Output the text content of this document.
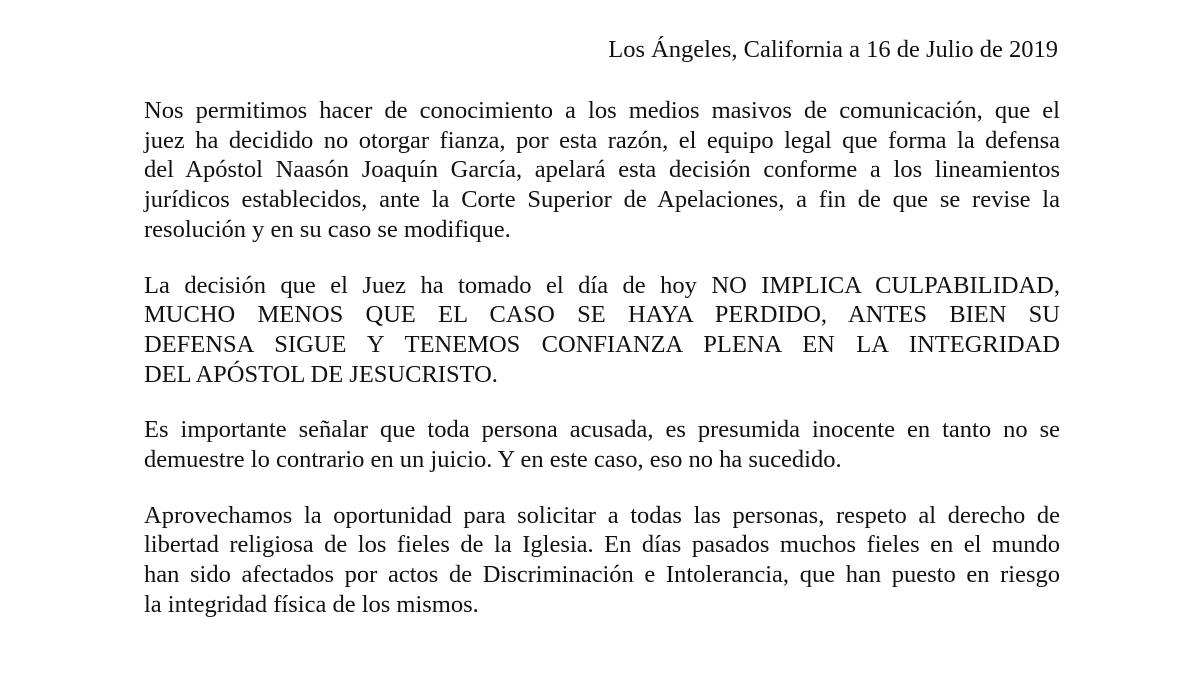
Los Ángeles, California a 16 de Julio de 2019

Nos permitimos hacer de conocimiento a los medios masivos de comunicación, que el
juez ha decidido no otorgar fianza, por esta razón, el equipo legal que forma la defensa
del Apóstol Naasón Joaquín García, apelará esta decisión conforme a los lineamientos
jurídicos establecidos, ante la Corte Superior de Apelaciones, a fin de que se revise la
resolución y en su caso se modifique.

La decisión que el Juez ha tomado el día de hoy NO IMPLICA CULPABILIDAD,
MUCHO MENOS QUE EL CASO SE HAYA PERDIDO, ANTES BIEN SU
DEFENSA SIGUE Y TENEMOS CONFIANZA PLENA EN LA INTEGRIDAD
DEL APÓSTOL DE JESUCRISTO.

Es importante señalar que toda persona acusada, es presumida inocente en tanto no se
demuestre lo contrario en un juicio. Y en este caso, eso no ha sucedido.

Aprovechamos la oportunidad para solicitar a todas las personas, respeto al derecho de
libertad religiosa de los fieles de la Iglesia. En días pasados muchos fieles en el mundo
han sido afectados por actos de Discriminación e Intolerancia, que han puesto en riesgo
la integridad física de los mismos.
